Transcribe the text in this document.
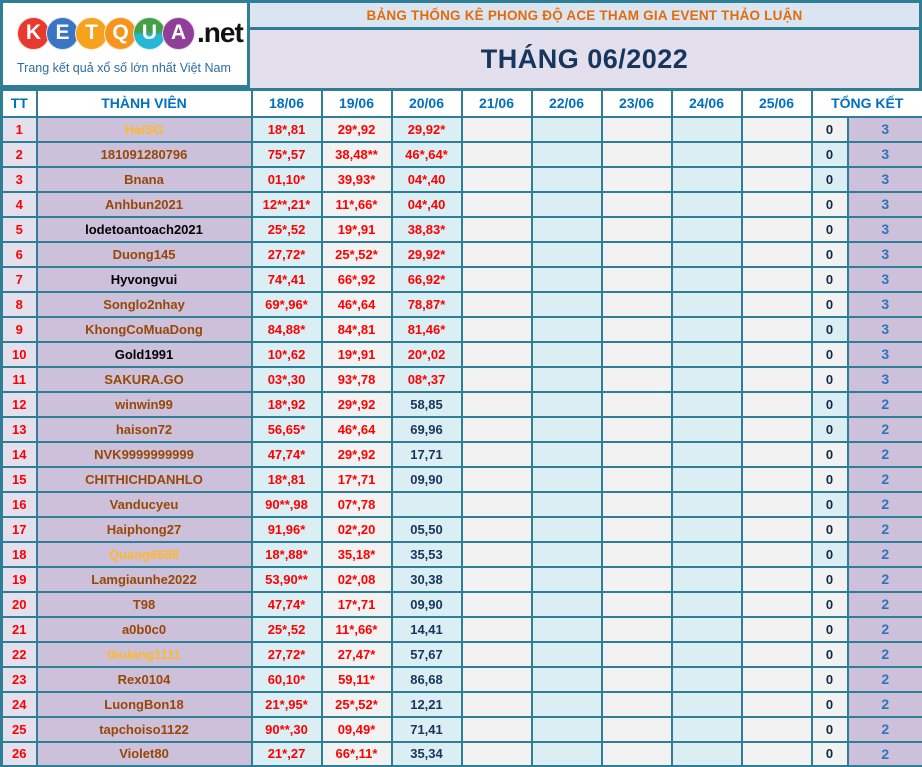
K E T Q U A .net
Trang kết quả xổ số lớn nhất Việt Nam
BẢNG THỐNG KÊ PHONG ĐỘ ACE THAM GIA EVENT THẢO LUẬN
THÁNG 06/2022
TT	THÀNH VIÊN	18/06	19/06	20/06	21/06	22/06	23/06	24/06	25/06	TỔNG KẾT	
1	HaiSG	18*,81	29*,92	29,92*						0	3
2	181091280796	75*,57	38,48**	46*,64*						0	3
3	Bnana	01,10*	39,93*	04*,40						0	3
4	Anhbun2021	12**,21*	11*,66*	04*,40						0	3
5	lodetoantoach2021	25*,52	19*,91	38,83*						0	3
6	Duong145	27,72*	25*,52*	29,92*						0	3
7	Hyvongvui	74*,41	66*,92	66,92*						0	3
8	Songlo2nhay	69*,96*	46*,64	78,87*						0	3
9	KhongCoMuaDong	84,88*	84*,81	81,46*						0	3
10	Gold1991	10*,62	19*,91	20*,02						0	3
11	SAKURA.GO	03*,30	93*,78	08*,37						0	3
12	winwin99	18*,92	29*,92	58,85						0	2
13	haison72	56,65*	46*,64	69,96						0	2
14	NVK9999999999	47,74*	29*,92	17,71						0	2
15	CHITHICHDANHLO	18*,81	17*,71	09,90						0	2
16	Vanducyeu	90**,98	07*,78							0	2
17	Haiphong27	91,96*	02*,20	05,50						0	2
18	Quang6688	18*,88*	35,18*	35,53						0	2
19	Lamgiaunhe2022	53,90**	02*,08	30,38						0	2
20	T98	47,74*	17*,71	09,90						0	2
21	a0b0c0	25*,52	11*,66*	14,41						0	2
22	thulang1111	27,72*	27,47*	57,67						0	2
23	Rex0104	60,10*	59,11*	86,68						0	2
24	LuongBon18	21*,95*	25*,52*	12,21						0	2
25	tapchoiso1122	90**,30	09,49*	71,41						0	2
26	Violet80	21*,27	66*,11*	35,34						0	2
